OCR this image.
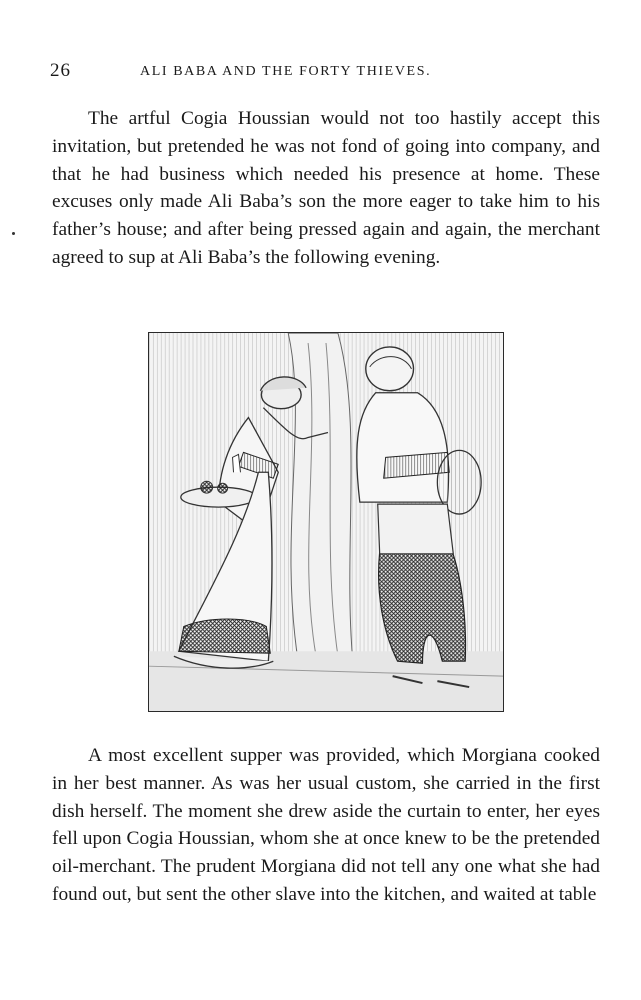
26	ALI BABA AND THE FORTY THIEVES.

The artful Cogia Houssian would not too hastily accept this invitation, but pretended he was not fond of going into company, and that he had business which needed his presence at home. These excuses only made Ali Baba’s son the more eager to take him to his father’s house; and after being pressed again and again, the merchant agreed to sup at Ali Baba’s the following evening.

A most excellent supper was provided, which Morgiana cooked in her best manner. As was her usual custom, she carried in the first dish herself. The moment she drew aside the curtain to enter, her eyes fell upon Cogia Houssian, whom she at once knew to be the pretended oil-merchant. The prudent Morgiana did not tell any one what she had found out, but sent the other slave into the kitchen, and waited at table
